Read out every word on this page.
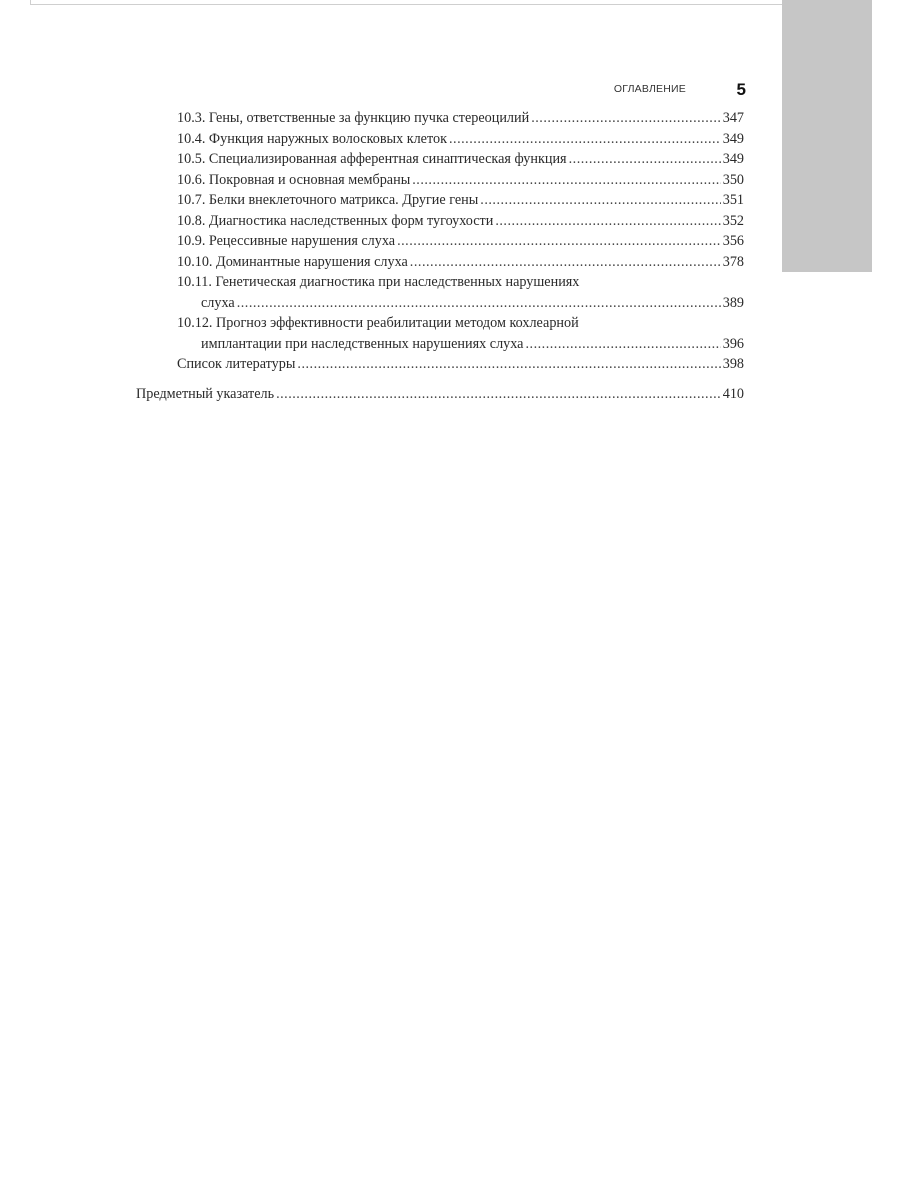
ОГЛАВЛЕНИЕ	5
10.3. Гены, ответственные за функцию пучка стереоцилий .....	347
10.4. Функция наружных волосковых клеток .....	349
10.5. Специализированная афферентная синаптическая функция .....	349
10.6. Покровная и основная мембраны .....	350
10.7. Белки внеклеточного матрикса. Другие гены .....	351
10.8. Диагностика наследственных форм тугоухости .....	352
10.9. Рецессивные нарушения слуха .....	356
10.10. Доминантные нарушения слуха .....	378
10.11. Генетическая диагностика при наследственных нарушениях
слуха .....	389
10.12. Прогноз эффективности реабилитации методом кохлеарной
имплантации при наследственных нарушениях слуха .....	396
Список литературы .....	398
Предметный указатель .....	410
